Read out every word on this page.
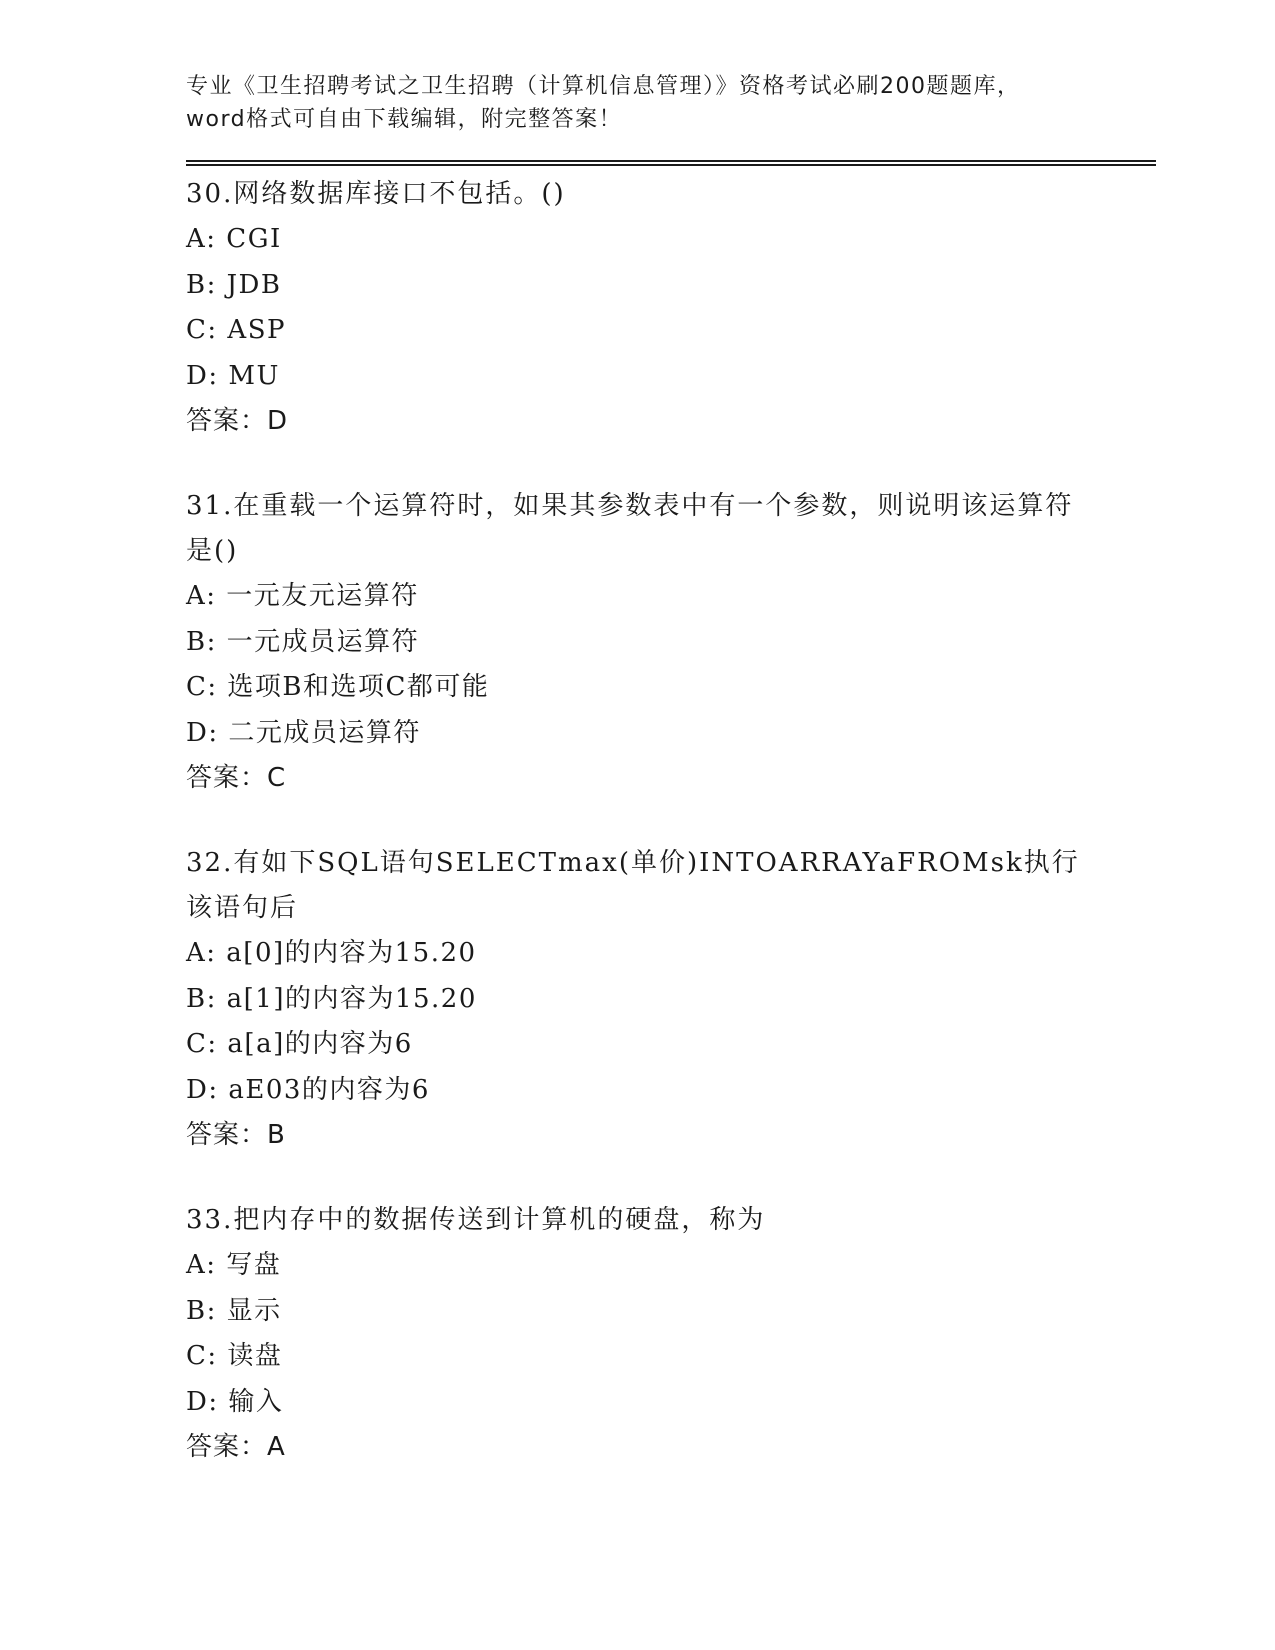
专业《卫生招聘考试之卫生招聘（计算机信息管理）》资格考试必刷200题题库，
word格式可自由下载编辑，附完整答案！
30.网络数据库接口不包括。()
A: CGI
B: JDB
C: ASP
D: MU
答案：D
31.在重载一个运算符时，如果其参数表中有一个参数，则说明该运算符是()
A: 一元友元运算符
B: 一元成员运算符
C: 选项B和选项C都可能
D: 二元成员运算符
答案：C
32.有如下SQL语句SELECTmax(单价)INTOARRAYaFROMsk执行该语句后
A: a[0]的内容为15.20
B: a[1]的内容为15.20
C: a[a]的内容为6
D: aE03的内容为6
答案：B
33.把内存中的数据传送到计算机的硬盘，称为
A: 写盘
B: 显示
C: 读盘
D: 输入
答案：A
